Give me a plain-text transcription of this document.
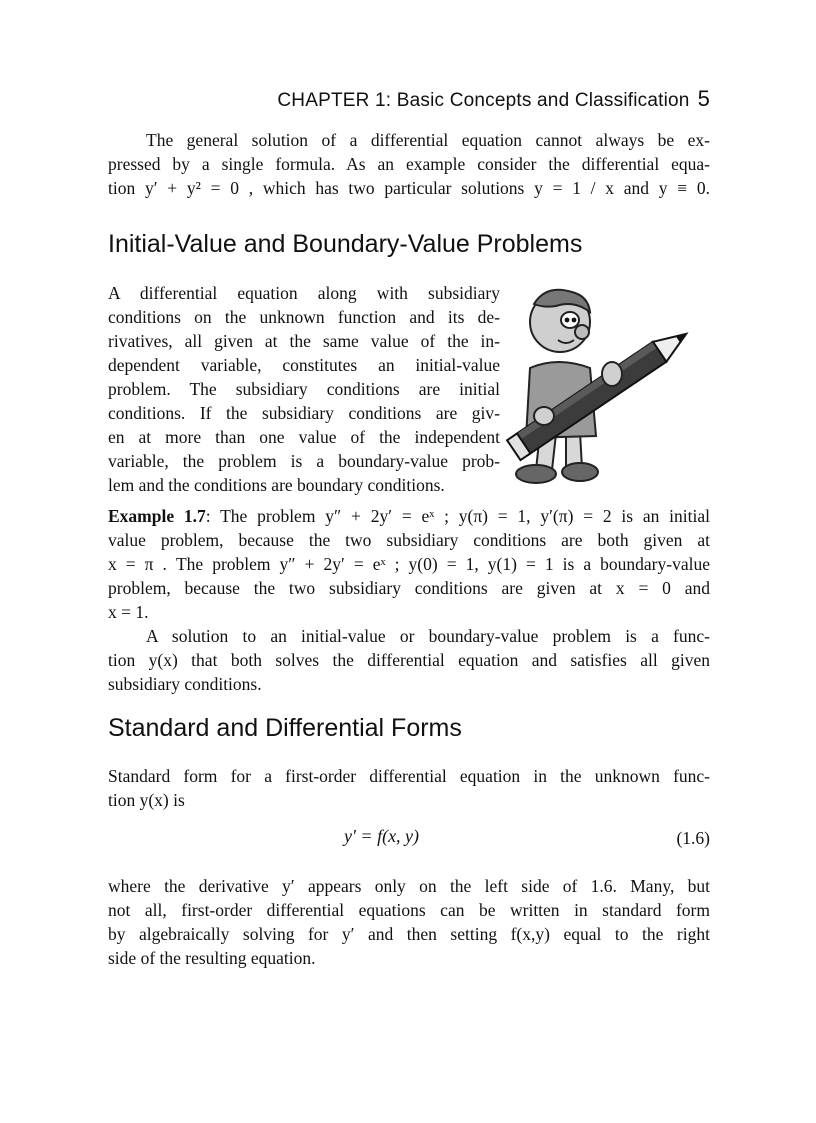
CHAPTER 1: Basic Concepts and Classification 5
The general solution of a differential equation cannot always be ex-
pressed by a single formula. As an example consider the differential equa-
tion y′ + y² = 0 , which has two particular solutions y = 1 / x and y ≡ 0.
Initial-Value and Boundary-Value Problems
A differential equation along with subsidiary
conditions on the unknown function and its de-
rivatives, all given at the same value of the in-
dependent variable, constitutes an initial-value
problem. The subsidiary conditions are initial
conditions. If the subsidiary conditions are giv-
en at more than one value of the independent
variable, the problem is a boundary-value prob-
lem and the conditions are boundary conditions.
Example 1.7: The problem y″ + 2y′ = eˣ ; y(π) = 1, y′(π) = 2 is an initial
value problem, because the two subsidiary conditions are both given at
x = π . The problem y″ + 2y′ = eˣ ; y(0) = 1, y(1) = 1 is a boundary-value
problem, because the two subsidiary conditions are given at x = 0 and
x = 1.
A solution to an initial-value or boundary-value problem is a func-
tion y(x) that both solves the differential equation and satisfies all given
subsidiary conditions.
Standard and Differential Forms
Standard form for a first-order differential equation in the unknown func-
tion y(x) is
y′ = f(x, y)	(1.6)
where the derivative y′ appears only on the left side of 1.6. Many, but
not all, first-order differential equations can be written in standard form
by algebraically solving for y′ and then setting f(x,y) equal to the right
side of the resulting equation.
